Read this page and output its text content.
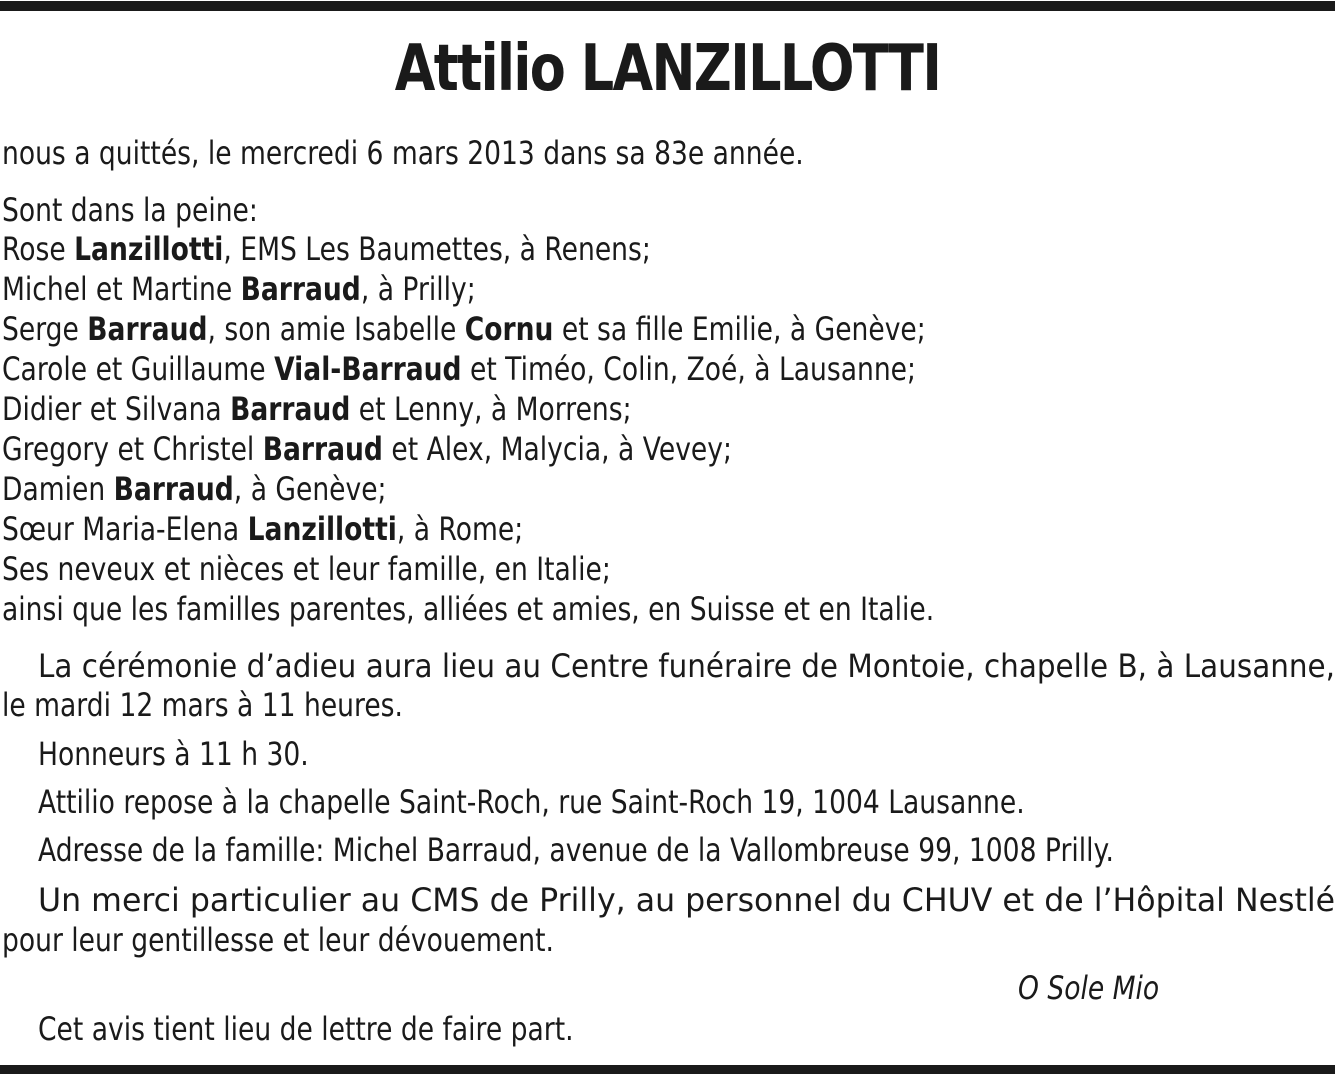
Attilio LANZILLOTTI
nous a quittés, le mercredi 6 mars 2013 dans sa 83e année.
Sont dans la peine:
Rose Lanzillotti, EMS Les Baumettes, à Renens;
Michel et Martine Barraud, à Prilly;
Serge Barraud, son amie Isabelle Cornu et sa fille Emilie, à Genève;
Carole et Guillaume Vial-Barraud et Timéo, Colin, Zoé, à Lausanne;
Didier et Silvana Barraud et Lenny, à Morrens;
Gregory et Christel Barraud et Alex, Malycia, à Vevey;
Damien Barraud, à Genève;
Sœur Maria-Elena Lanzillotti, à Rome;
Ses neveux et nièces et leur famille, en Italie;
ainsi que les familles parentes, alliées et amies, en Suisse et en Italie.
La cérémonie d’adieu aura lieu au Centre funéraire de Montoie, chapelle B, à Lausanne,
le mardi 12 mars à 11 heures.
Honneurs à 11 h 30.
Attilio repose à la chapelle Saint-Roch, rue Saint-Roch 19, 1004 Lausanne.
Adresse de la famille: Michel Barraud, avenue de la Vallombreuse 99, 1008 Prilly.
Un merci particulier au CMS de Prilly, au personnel du CHUV et de l’Hôpital Nestlé
pour leur gentillesse et leur dévouement.
O Sole Mio
Cet avis tient lieu de lettre de faire part.
